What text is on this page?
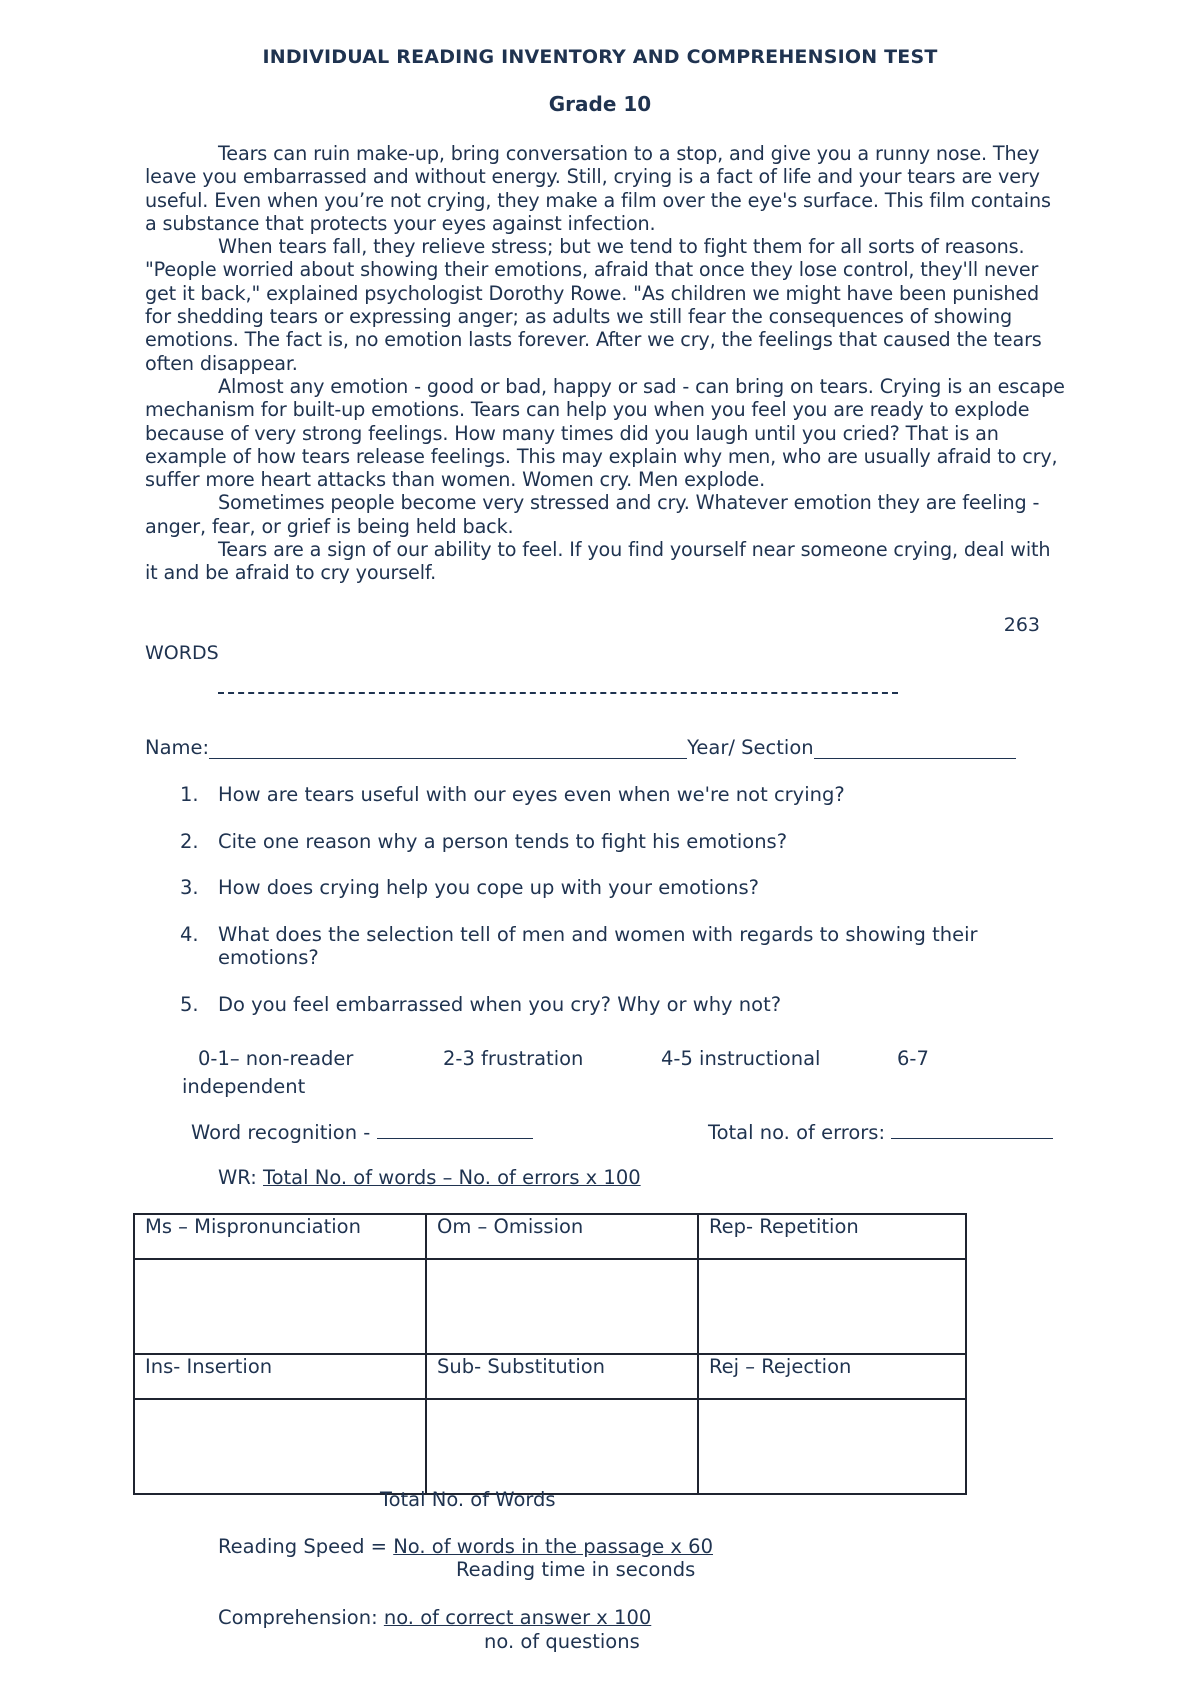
INDIVIDUAL READING INVENTORY AND COMPREHENSION TEST
Grade 10

Tears can ruin make-up, bring conversation to a stop, and give you a runny nose. They leave you embarrassed and without energy. Still, crying is a fact of life and your tears are very useful. Even when you’re not crying, they make a film over the eye's surface. This film contains a substance that protects your eyes against infection.

When tears fall, they relieve stress; but we tend to fight them for all sorts of reasons. "People worried about showing their emotions, afraid that once they lose control, they'll never get it back," explained psychologist Dorothy Rowe. "As children we might have been punished for shedding tears or expressing anger; as adults we still fear the consequences of showing emotions. The fact is, no emotion lasts forever. After we cry, the feelings that caused the tears often disappear.

Almost any emotion - good or bad, happy or sad - can bring on tears. Crying is an escape mechanism for built-up emotions. Tears can help you when you feel you are ready to explode because of very strong feelings. How many times did you laugh until you cried? That is an example of how tears release feelings. This may explain why men, who are usually afraid to cry, suffer more heart attacks than women. Women cry. Men explode.

Sometimes people become very stressed and cry. Whatever emotion they are feeling - anger, fear, or grief is being held back.

Tears are a sign of our ability to feel. If you find yourself near someone crying, deal with it and be afraid to cry yourself.

263
WORDS
Name:	Year/ Section
1. How are tears useful with our eyes even when we're not crying?
2. Cite one reason why a person tends to fight his emotions?
3. How does crying help you cope up with your emotions?
4. What does the selection tell of men and women with regards to showing their emotions?
5. Do you feel embarrassed when you cry? Why or why not?
0-1– non-reader	2-3 frustration	4-5 instructional	6-7
independent
Word recognition -	Total no. of errors:
WR: Total No. of words – No. of errors x 100
Ms – Mispronunciation	Om – Omission	Rep- Repetition

Ins- Insertion	Sub- Substitution	Rej – Rejection

Total No. of Words
Reading Speed = No. of words in the passage x 60
Reading time in seconds
Comprehension: no. of correct answer x 100
no. of questions
